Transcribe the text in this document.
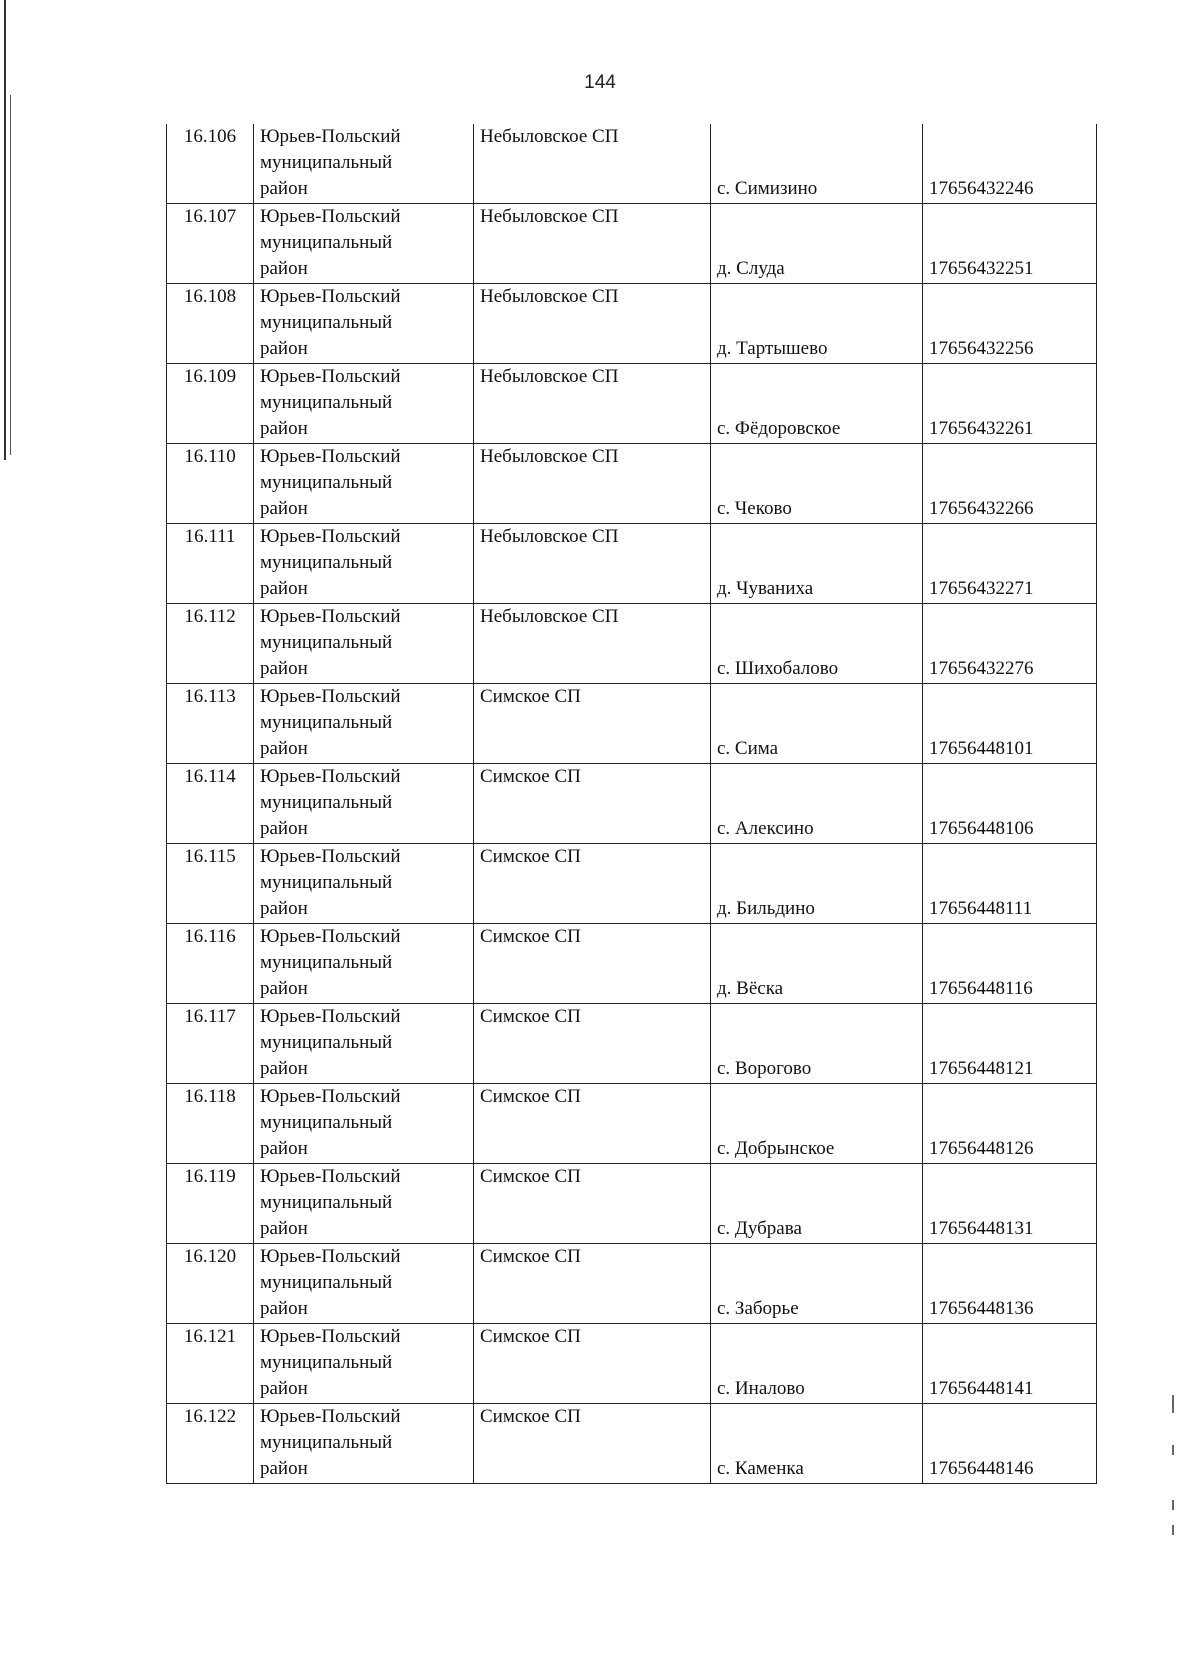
144
16.106	Юрьев-Польский
муниципальный
район	Небыловское СП	с. Симизино	17656432246
16.107	Юрьев-Польский
муниципальный
район	Небыловское СП	д. Слуда	17656432251
16.108	Юрьев-Польский
муниципальный
район	Небыловское СП	д. Тартышево	17656432256
16.109	Юрьев-Польский
муниципальный
район	Небыловское СП	с. Фёдоровское	17656432261
16.110	Юрьев-Польский
муниципальный
район	Небыловское СП	с. Чеково	17656432266
16.111	Юрьев-Польский
муниципальный
район	Небыловское СП	д. Чуваниха	17656432271
16.112	Юрьев-Польский
муниципальный
район	Небыловское СП	с. Шихобалово	17656432276
16.113	Юрьев-Польский
муниципальный
район	Симское СП	с. Сима	17656448101
16.114	Юрьев-Польский
муниципальный
район	Симское СП	с. Алексино	17656448106
16.115	Юрьев-Польский
муниципальный
район	Симское СП	д. Бильдино	17656448111
16.116	Юрьев-Польский
муниципальный
район	Симское СП	д. Вёска	17656448116
16.117	Юрьев-Польский
муниципальный
район	Симское СП	с. Ворогово	17656448121
16.118	Юрьев-Польский
муниципальный
район	Симское СП	с. Добрынское	17656448126
16.119	Юрьев-Польский
муниципальный
район	Симское СП	с. Дубрава	17656448131
16.120	Юрьев-Польский
муниципальный
район	Симское СП	с. Заборье	17656448136
16.121	Юрьев-Польский
муниципальный
район	Симское СП	с. Иналово	17656448141
16.122	Юрьев-Польский
муниципальный
район	Симское СП	с. Каменка	17656448146
